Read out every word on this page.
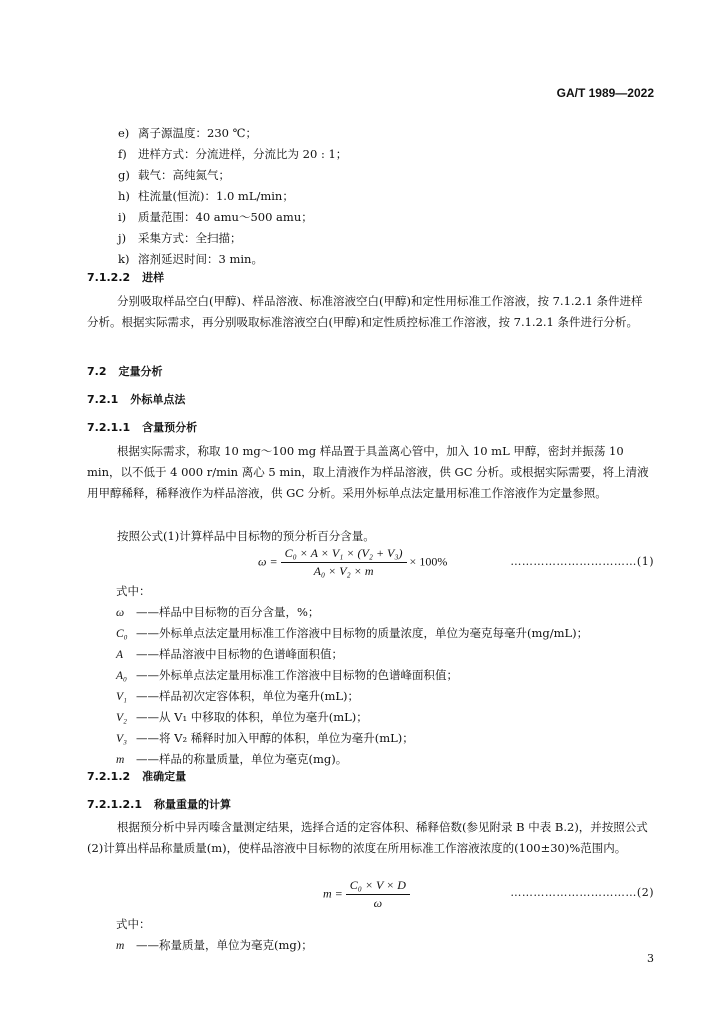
GA/T 1989—2022
e) 离子源温度：230 ℃；
f) 进样方式：分流进样，分流比为 20 : 1；
g) 载气：高纯氮气；
h) 柱流量(恒流)：1.0 mL/min；
i) 质量范围：40 amu～500 amu；
j) 采集方式：全扫描；
k) 溶剂延迟时间：3 min。
7.1.2.2 进样
分别吸取样品空白(甲醇)、样品溶液、标准溶液空白(甲醇)和定性用标准工作溶液，按 7.1.2.1 条件进样分析。根据实际需求，再分别吸取标准溶液空白(甲醇)和定性质控标准工作溶液，按 7.1.2.1 条件进行分析。
7.2 定量分析
7.2.1 外标单点法
7.2.1.1 含量预分析
根据实际需求，称取 10 mg～100 mg 样品置于具盖离心管中，加入 10 mL 甲醇，密封并振荡 10 min，以不低于 4 000 r/min 离心 5 min，取上清液作为样品溶液，供 GC 分析。或根据实际需要，将上清液用甲醇稀释，稀释液作为样品溶液，供 GC 分析。采用外标单点法定量用标准工作溶液作为定量参照。
按照公式(1)计算样品中目标物的预分析百分含量。
$\omega = \frac{\text{C₀ × A × V₁ × (V₂ + V₃)}}{\text{A₀ × V₂ × m}} \times 100\%$	……………………………(1)
式中：
ω ——样品中目标物的百分含量，%；
C₀ ——外标单点法定量用标准工作溶液中目标物的质量浓度，单位为毫克每毫升(mg/mL)；
A ——样品溶液中目标物的色谱峰面积值；
A₀ ——外标单点法定量用标准工作溶液中目标物的色谱峰面积值；
V₁ ——样品初次定容体积，单位为毫升(mL)；
V₂ ——从 V₁ 中移取的体积，单位为毫升(mL)；
V₃ ——将 V₂ 稀释时加入甲醇的体积，单位为毫升(mL)；
m ——样品的称量质量，单位为毫克(mg)。
7.2.1.2 准确定量
7.2.1.2.1 称量重量的计算
根据预分析中异丙嗪含量测定结果，选择合适的定容体积、稀释倍数(参见附录 B 中表 B.2)，并按照公式(2)计算出样品称量质量(m)，使样品溶液中目标物的浓度在所用标准工作溶液浓度的(100±30)%范围内。
$m = \frac{\text{C₀ × V × D}}{\omega}$	……………………………(2)
式中：
m ——称量质量，单位为毫克(mg)；
3
